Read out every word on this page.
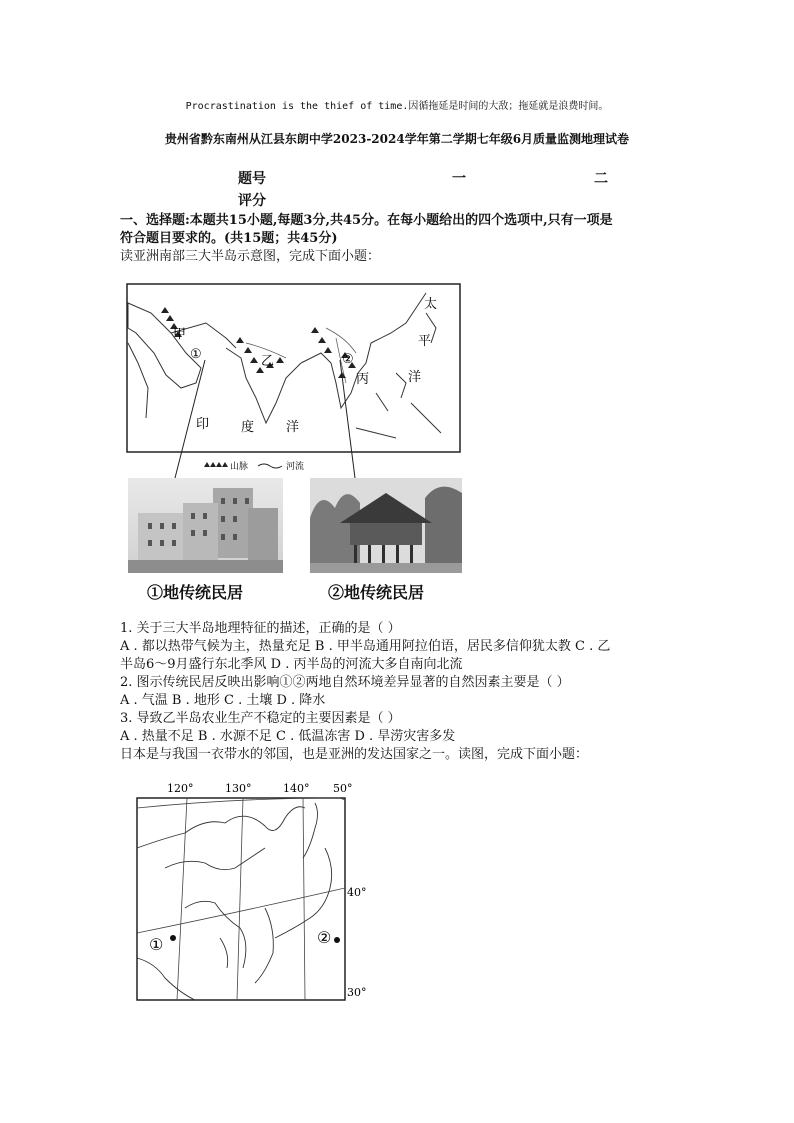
Procrastination is the thief of time.因循拖延是时间的大敌；拖延就是浪费时间。
贵州省黔东南州从江县东朗中学2023-2024学年第二学期七年级6月质量监测地理试卷
题号	一	二
评分
一、选择题:本题共15小题,每题3分,共45分。在每小题给出的四个选项中,只有一项是
符合题目要求的。(共15题；共45分)
读亚洲南部三大半岛示意图，完成下面小题：
甲
乙
丙
①	②
太
平
洋
印 度 洋
山脉	河流
①地传统民居	②地传统民居
1. 关于三大半岛地理特征的描述，正确的是（ ）
A . 都以热带气候为主，热量充足 B . 甲半岛通用阿拉伯语，居民多信仰犹太教 C . 乙
半岛6～9月盛行东北季风 D . 丙半岛的河流大多自南向北流
2. 图示传统民居反映出影响①②两地自然环境差异显著的自然因素主要是（ ）
A . 气温 B . 地形 C . 土壤 D . 降水
3. 导致乙半岛农业生产不稳定的主要因素是（ ）
A . 热量不足 B . 水源不足 C . 低温冻害 D . 旱涝灾害多发
日本是与我国一衣带水的邻国，也是亚洲的发达国家之一。读图，完成下面小题：
120°	130°	140° 50°
40°
30°
①	②
